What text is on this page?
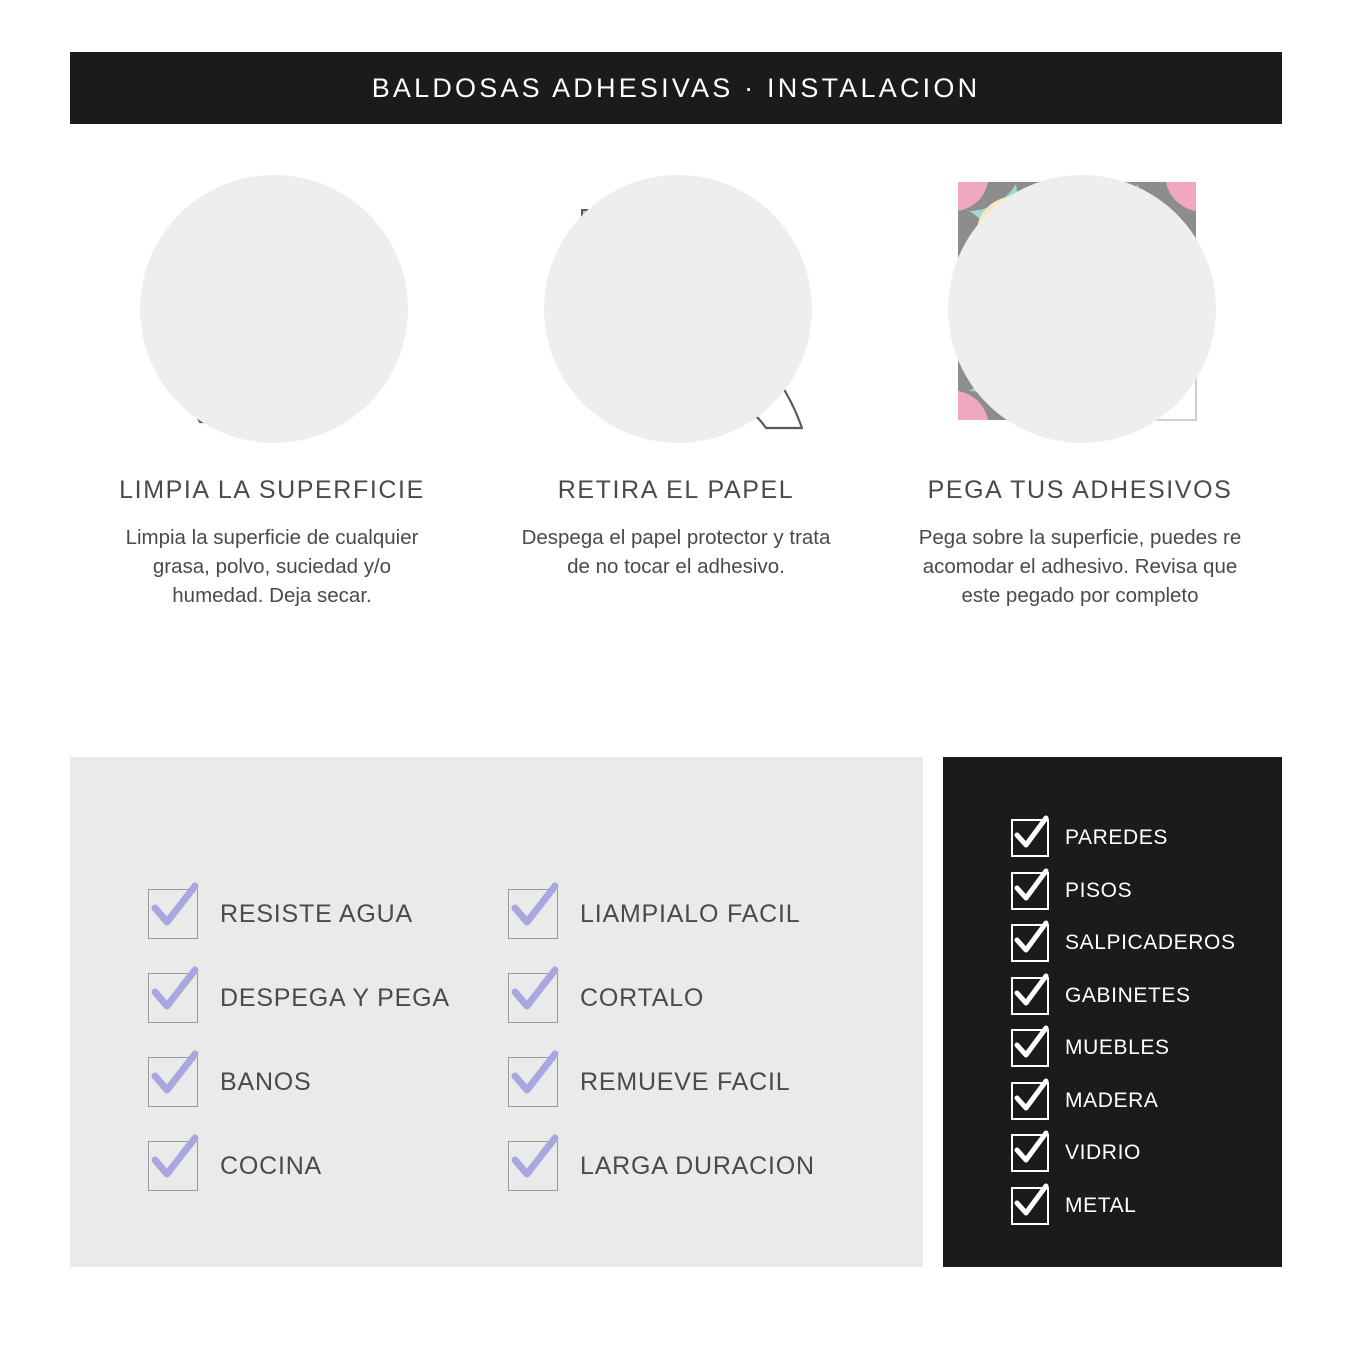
BALDOSAS ADHESIVAS · INSTALACION
LIMPIA LA SUPERFICIE
Limpia la superficie de cualquier grasa, polvo, suciedad y/o humedad. Deja secar.
RETIRA EL PAPEL
Despega el papel protector y trata de no tocar el adhesivo.
PEGA TUS ADHESIVOS
Pega sobre la superficie, puedes re acomodar el adhesivo. Revisa que este pegado por completo
RESISTE AGUA	LIAMPIALO FACIL
DESPEGA Y PEGA	CORTALO
BANOS	REMUEVE FACIL
COCINA	LARGA DURACION
PAREDES
PISOS
SALPICADEROS
GABINETES
MUEBLES
MADERA
VIDRIO
METAL
